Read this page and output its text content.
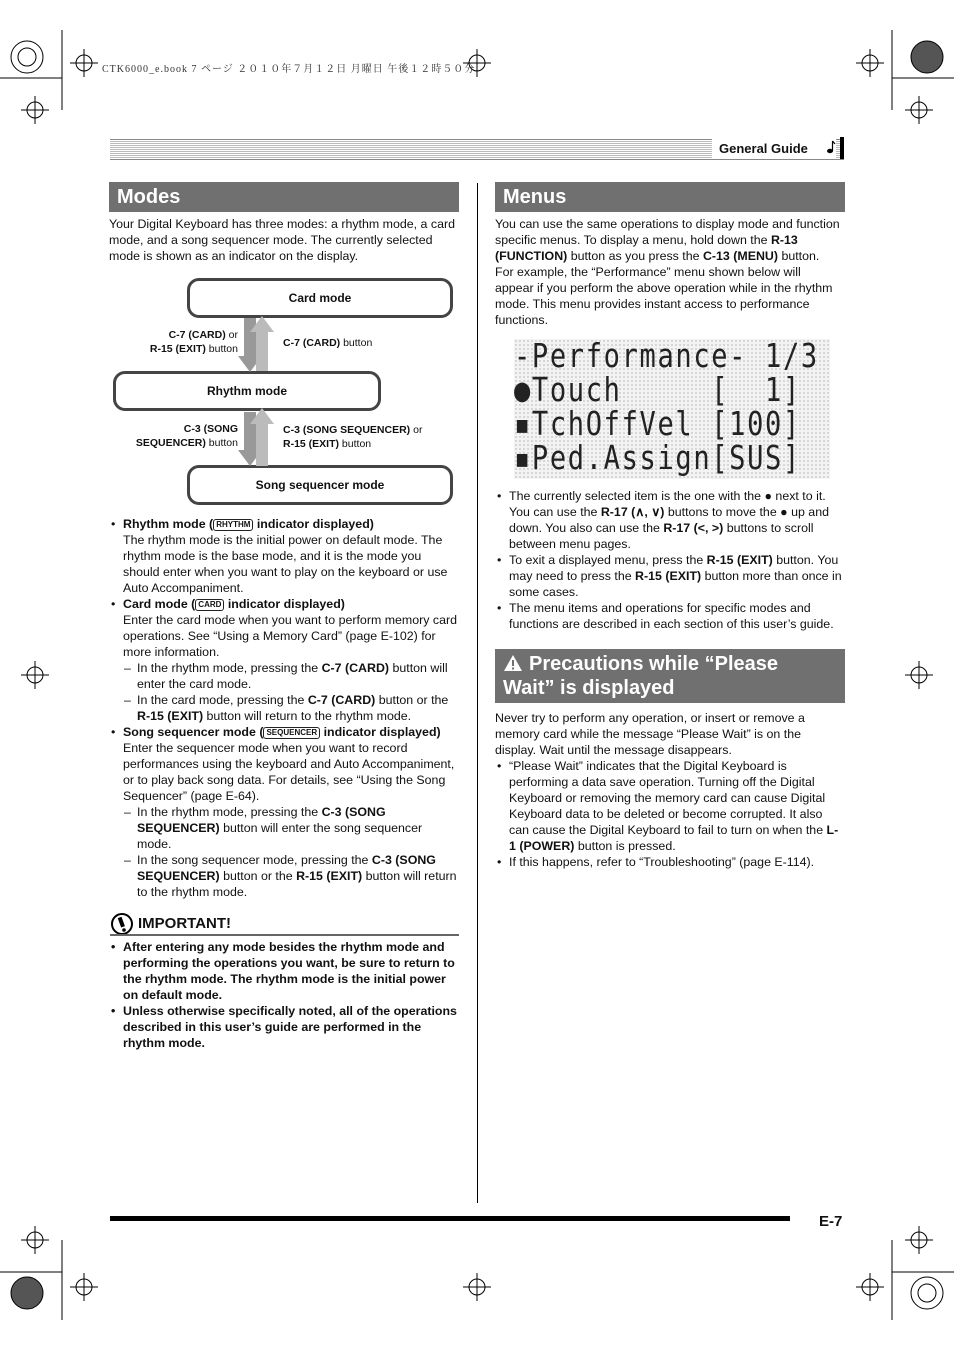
CTK6000_e.book 7 ページ ２０１０年７月１２日 月曜日 午後１２時５０分
General Guide
Modes
Your Digital Keyboard has three modes: a rhythm mode, a card mode, and a song sequencer mode. The currently selected mode is shown as an indicator on the display.
Card mode
Rhythm mode
Song sequencer mode
C-7 (CARD) or
R-15 (EXIT) button	C-7 (CARD) button
C-3 (SONG
SEQUENCER) button
C-3 (SONG SEQUENCER) or
R-15 (EXIT) button
• Rhythm mode ( RHYTHM indicator displayed)
The rhythm mode is the initial power on default mode. The rhythm mode is the base mode, and it is the mode you should enter when you want to play on the keyboard or use Auto Accompaniment.
• Card mode ( CARD indicator displayed)
Enter the card mode when you want to perform memory card operations. See “Using a Memory Card” (page E-102) for more information.
– In the rhythm mode, pressing the C-7 (CARD) button will enter the card mode.
– In the card mode, pressing the C-7 (CARD) button or the R-15 (EXIT) button will return to the rhythm mode.
• Song sequencer mode ( SEQUENCER indicator displayed)
Enter the sequencer mode when you want to record performances using the keyboard and Auto Accompaniment, or to play back song data. For details, see “Using the Song Sequencer” (page E-64).
– In the rhythm mode, pressing the C-3 (SONG SEQUENCER) button will enter the song sequencer mode.
– In the song sequencer mode, pressing the C-3 (SONG SEQUENCER) button or the R-15 (EXIT) button will return to the rhythm mode.
IMPORTANT!
• After entering any mode besides the rhythm mode and performing the operations you want, be sure to return to the rhythm mode. The rhythm mode is the initial power on default mode.
• Unless otherwise specifically noted, all of the operations described in this user’s guide are performed in the rhythm mode.
Menus
You can use the same operations to display mode and function specific menus. To display a menu, hold down the R-13 (FUNCTION) button as you press the C-13 (MENU) button. For example, the “Performance” menu shown below will appear if you perform the above operation while in the rhythm mode. This menu provides instant access to performance functions.
-Performance- 1/3
●Touch     [  1]
▪TchOffVel [100]
▪Ped.Assign[SUS]
• The currently selected item is the one with the ● next to it. You can use the R-17 (∧, ∨) buttons to move the ● up and down. You also can use the R-17 (<, >) buttons to scroll between menu pages.
• To exit a displayed menu, press the R-15 (EXIT) button. You may need to press the R-15 (EXIT) button more than once in some cases.
• The menu items and operations for specific modes and functions are described in each section of this user’s guide.
Precautions while “Please
Wait” is displayed
Never try to perform any operation, or insert or remove a memory card while the message “Please Wait” is on the display. Wait until the message disappears.
• “Please Wait” indicates that the Digital Keyboard is performing a data save operation. Turning off the Digital Keyboard or removing the memory card can cause Digital Keyboard data to be deleted or become corrupted. It also can cause the Digital Keyboard to fail to turn on when the L-1 (POWER) button is pressed.
• If this happens, refer to “Troubleshooting” (page E-114).
E-7
